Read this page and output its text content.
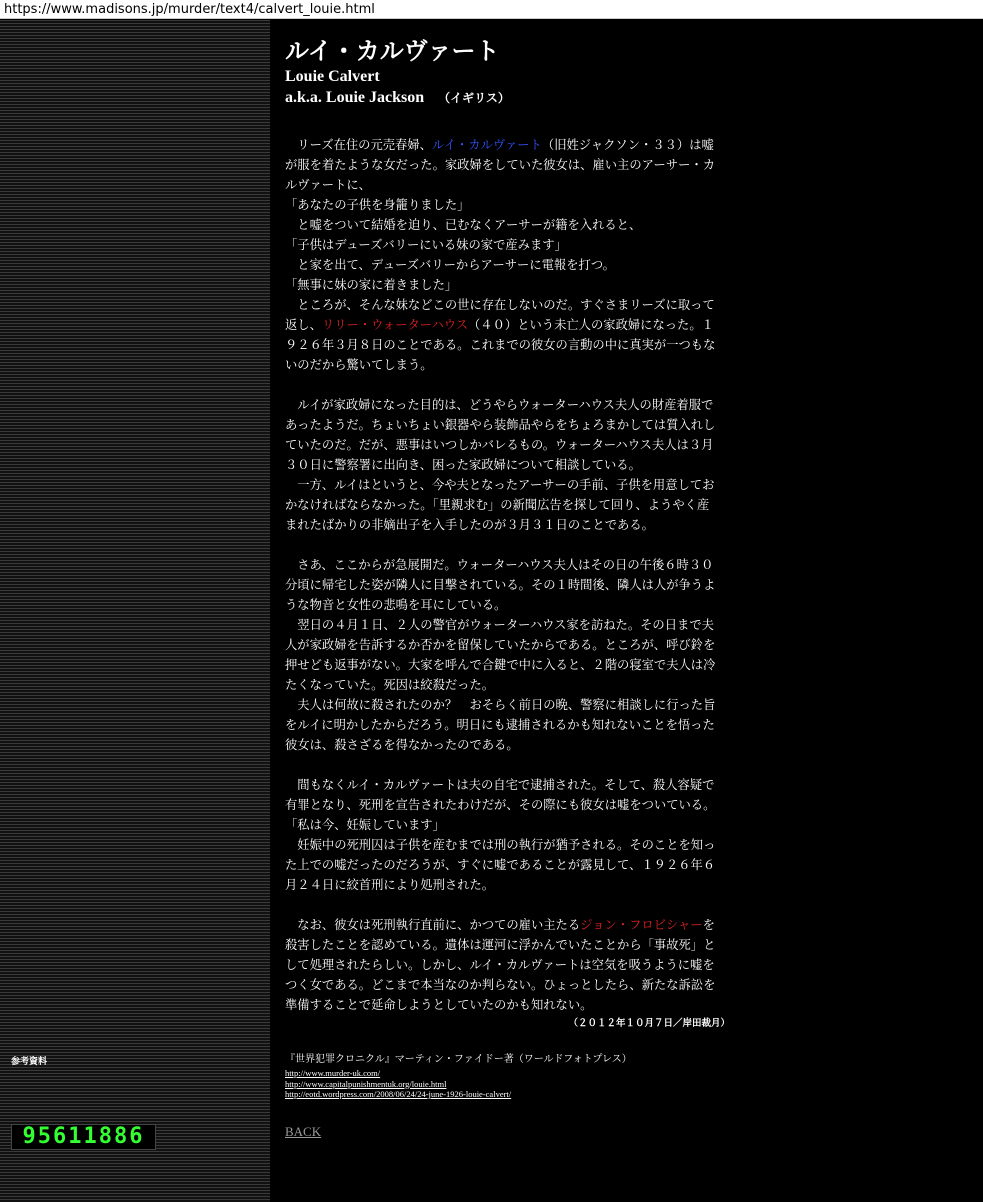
https://www.madisons.jp/murder/text4/calvert_louie.html
参考資料
95611886
ルイ・カルヴァート
Louie Calvert
a.k.a. Louie Jackson （イギリス）

　リーズ在住の元売春婦、ルイ・カルヴァート（旧姓ジャクソン・３３）は嘘
が服を着たような女だった。家政婦をしていた彼女は、雇い主のアーサー・カ
ルヴァートに、
「あなたの子供を身籠りました」
　と嘘をついて結婚を迫り、已むなくアーサーが籍を入れると、
「子供はデューズバリーにいる妹の家で産みます」
　と家を出て、デューズバリーからアーサーに電報を打つ。
「無事に妹の家に着きました」
　ところが、そんな妹などこの世に存在しないのだ。すぐさまリーズに取って
返し、リリー・ウォーターハウス（４０）という未亡人の家政婦になった。１
９２６年３月８日のことである。これまでの彼女の言動の中に真実が一つもな
いのだから驚いてしまう。

　ルイが家政婦になった目的は、どうやらウォーターハウス夫人の財産着服で
あったようだ。ちょいちょい銀器やら装飾品やらをちょろまかしては質入れし
ていたのだ。だが、悪事はいつしかバレるもの。ウォーターハウス夫人は３月
３０日に警察署に出向き、困った家政婦について相談している。
　一方、ルイはというと、今や夫となったアーサーの手前、子供を用意してお
かなければならなかった。「里親求む」の新聞広告を探して回り、ようやく産
まれたばかりの非嫡出子を入手したのが３月３１日のことである。

　さあ、ここからが急展開だ。ウォーターハウス夫人はその日の午後６時３０
分頃に帰宅した姿が隣人に目撃されている。その１時間後、隣人は人が争うよ
うな物音と女性の悲鳴を耳にしている。
　翌日の４月１日、２人の警官がウォーターハウス家を訪ねた。その日まで夫
人が家政婦を告訴するか否かを留保していたからである。ところが、呼び鈴を
押せども返事がない。大家を呼んで合鍵で中に入ると、２階の寝室で夫人は冷
たくなっていた。死因は絞殺だった。
　夫人は何故に殺されたのか？　おそらく前日の晩、警察に相談しに行った旨
をルイに明かしたからだろう。明日にも逮捕されるかも知れないことを悟った
彼女は、殺さざるを得なかったのである。

　間もなくルイ・カルヴァートは夫の自宅で逮捕された。そして、殺人容疑で
有罪となり、死刑を宣告されたわけだが、その際にも彼女は嘘をついている。
「私は今、妊娠しています」
　妊娠中の死刑囚は子供を産むまでは刑の執行が猶予される。そのことを知っ
た上での嘘だったのだろうが、すぐに嘘であることが露見して、１９２６年６
月２４日に絞首刑により処刑された。

　なお、彼女は死刑執行直前に、かつての雇い主たるジョン・フロビシャーを
殺害したことを認めている。遺体は運河に浮かんでいたことから「事故死」と
して処理されたらしい。しかし、ルイ・カルヴァートは空気を吸うように嘘を
つく女である。どこまで本当なのか判らない。ひょっとしたら、新たな訴訟を
準備することで延命しようとしていたのかも知れない。

（２０１２年１０月７日／岸田裁月）
『世界犯罪クロニクル』マーティン・ファイドー著（ワールドフォトプレス）
http://www.murder-uk.com/
http://www.capitalpunishmentuk.org/louie.html
http://eotd.wordpress.com/2008/06/24/24-june-1926-louie-calvert/
BACK
